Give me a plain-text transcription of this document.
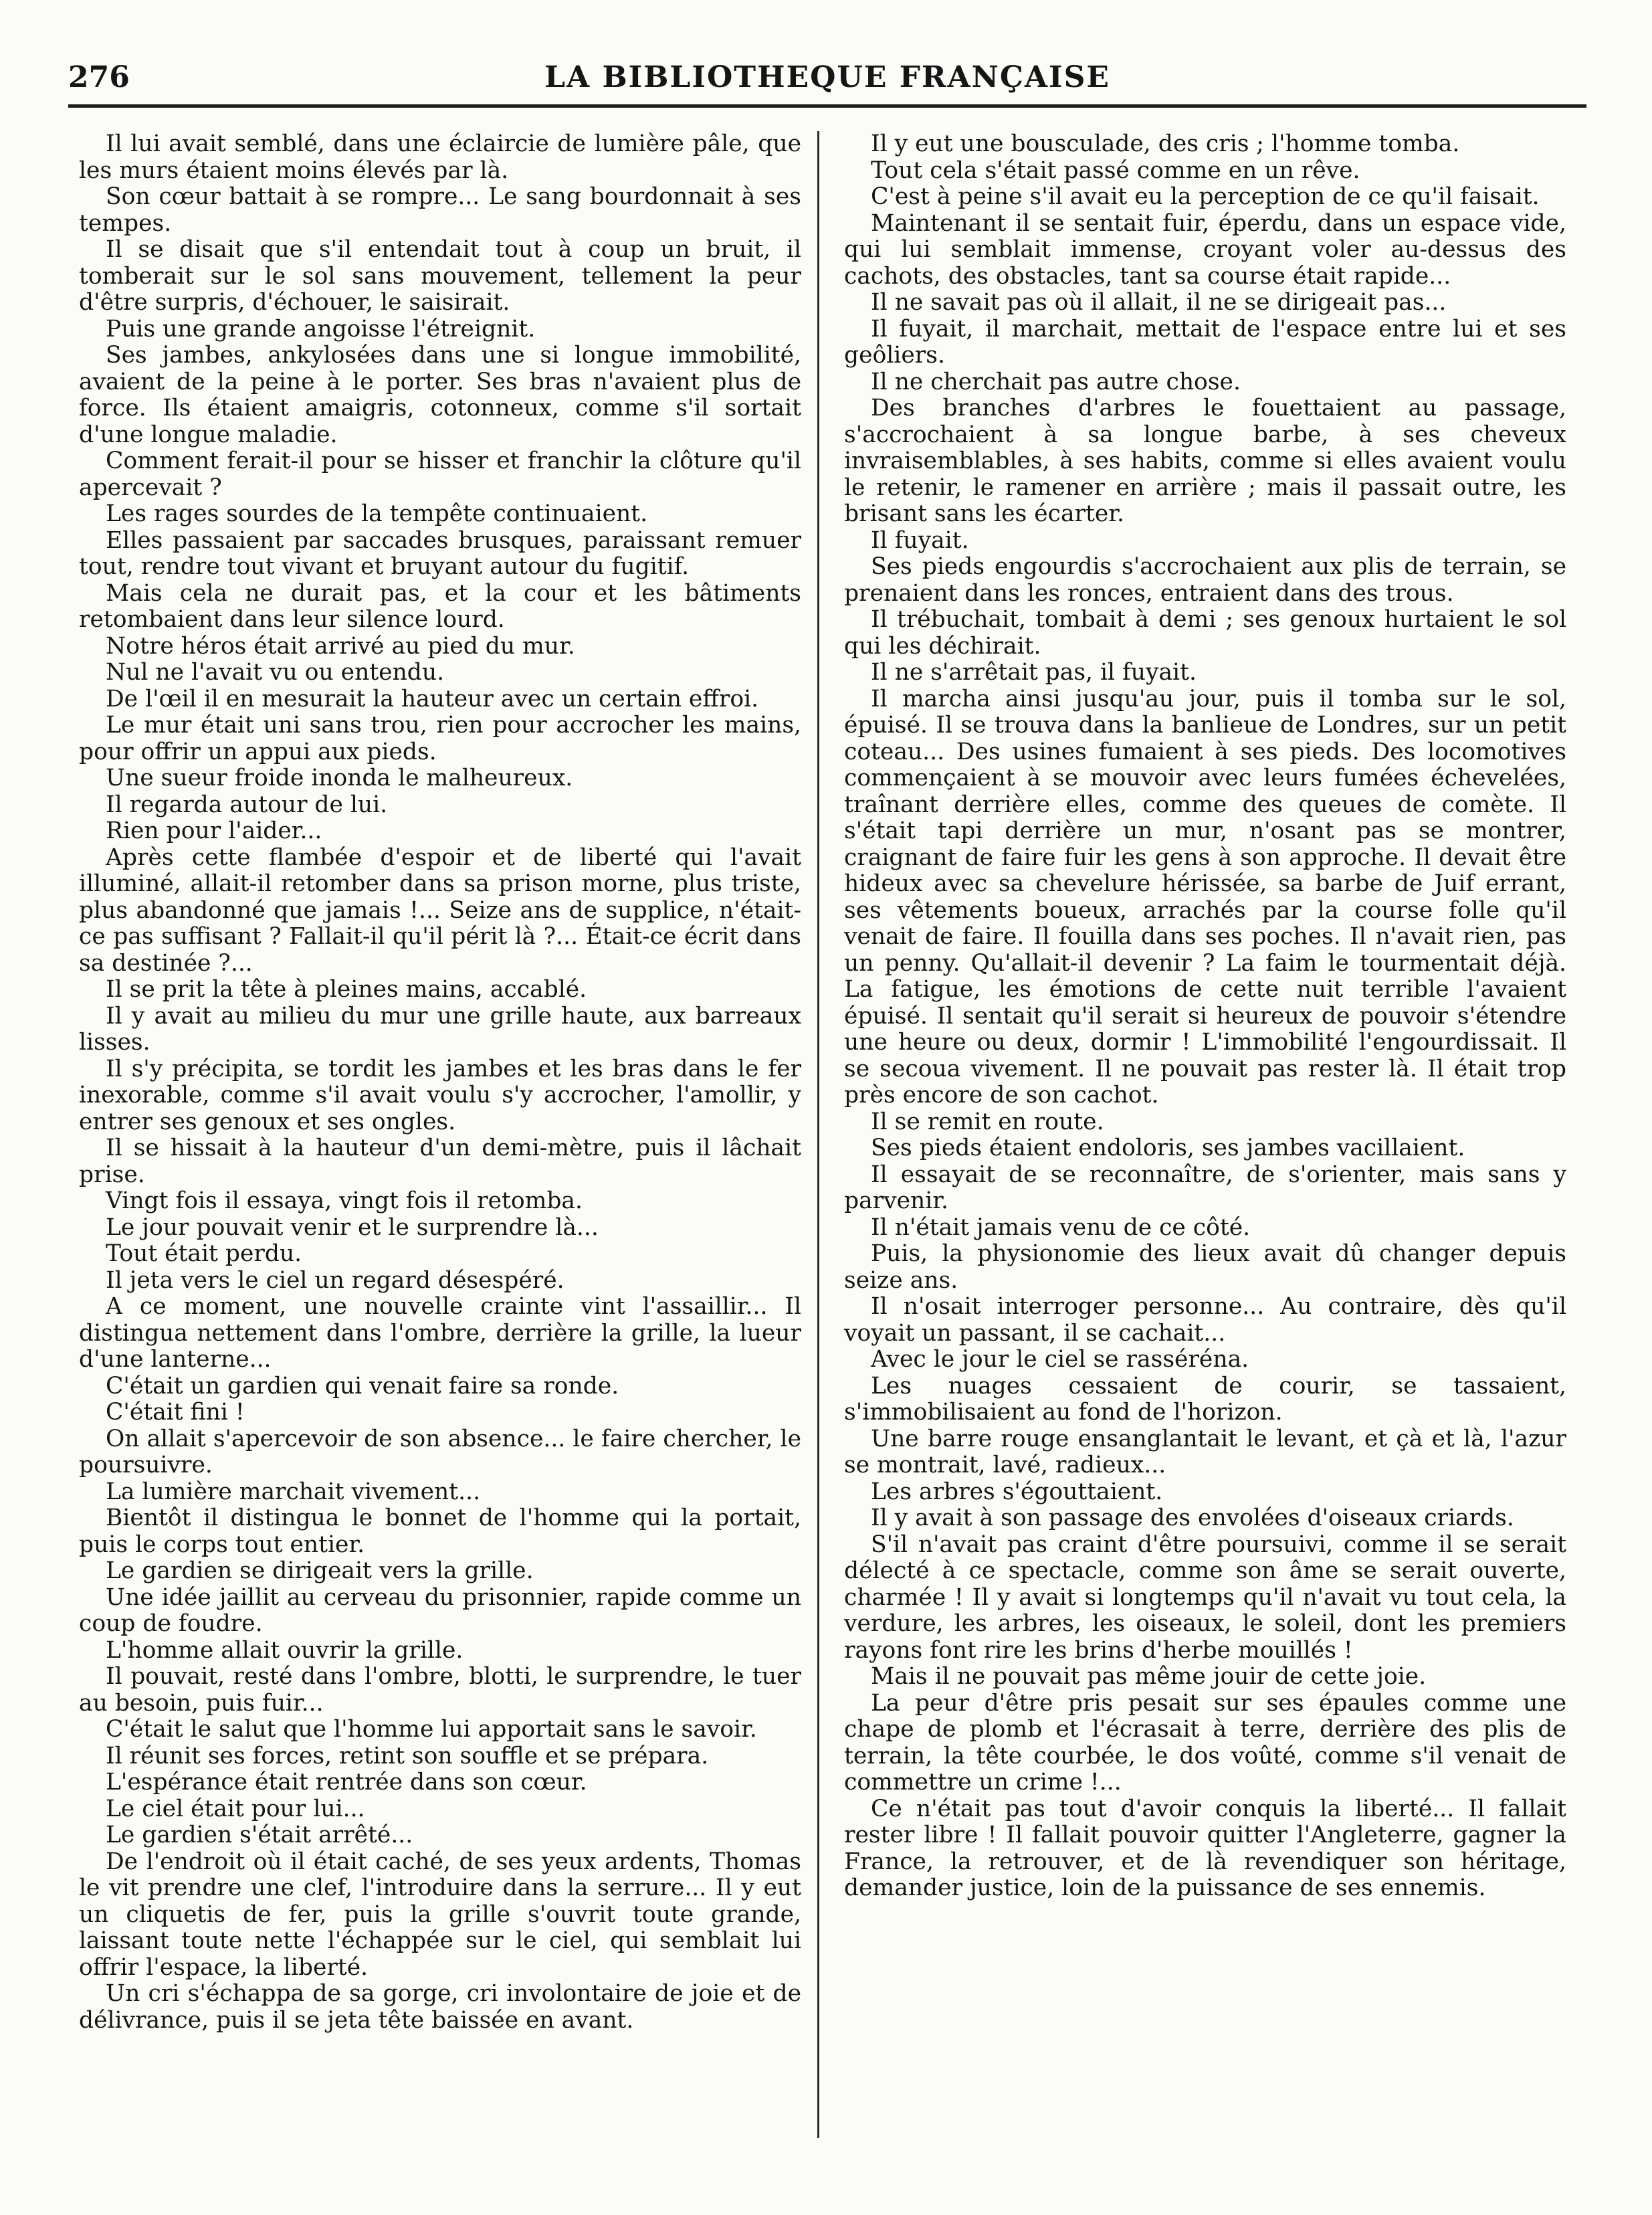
276	LA BIBLIOTHEQUE FRANÇAISE

Il lui avait semblé, dans une éclaircie de lumière pâle, que les murs étaient moins élevés par là.

Son cœur battait à se rompre... Le sang bourdonnait à ses tempes.

Il se disait que s'il entendait tout à coup un bruit, il tomberait sur le sol sans mouvement, tellement la peur d'être surpris, d'échouer, le saisirait.

Puis une grande angoisse l'étreignit.

Ses jambes, ankylosées dans une si longue immobilité, avaient de la peine à le porter. Ses bras n'avaient plus de force. Ils étaient amaigris, cotonneux, comme s'il sortait d'une longue maladie.

Comment ferait-il pour se hisser et franchir la clôture qu'il apercevait ?

Les rages sourdes de la tempête continuaient.

Elles passaient par saccades brusques, paraissant remuer tout, rendre tout vivant et bruyant autour du fugitif.

Mais cela ne durait pas, et la cour et les bâtiments retombaient dans leur silence lourd.

Notre héros était arrivé au pied du mur.

Nul ne l'avait vu ou entendu.

De l'œil il en mesurait la hauteur avec un certain effroi.

Le mur était uni sans trou, rien pour accrocher les mains, pour offrir un appui aux pieds.

Une sueur froide inonda le malheureux.

Il regarda autour de lui.

Rien pour l'aider...

Après cette flambée d'espoir et de liberté qui l'avait illuminé, allait-il retomber dans sa prison morne, plus triste, plus abandonné que jamais !... Seize ans de supplice, n'était-ce pas suffisant ? Fallait-il qu'il périt là ?... Était-ce écrit dans sa destinée ?...

Il se prit la tête à pleines mains, accablé.

Il y avait au milieu du mur une grille haute, aux barreaux lisses.

Il s'y précipita, se tordit les jambes et les bras dans le fer inexorable, comme s'il avait voulu s'y accrocher, l'amollir, y entrer ses genoux et ses ongles.

Il se hissait à la hauteur d'un demi-mètre, puis il lâchait prise.

Vingt fois il essaya, vingt fois il retomba.

Le jour pouvait venir et le surprendre là...

Tout était perdu.

Il jeta vers le ciel un regard désespéré.

A ce moment, une nouvelle crainte vint l'assaillir... Il distingua nettement dans l'ombre, derrière la grille, la lueur d'une lanterne...

C'était un gardien qui venait faire sa ronde.

C'était fini !

On allait s'apercevoir de son absence... le faire chercher, le poursuivre.

La lumière marchait vivement...

Bientôt il distingua le bonnet de l'homme qui la portait, puis le corps tout entier.

Le gardien se dirigeait vers la grille.

Une idée jaillit au cerveau du prisonnier, rapide comme un coup de foudre.

L'homme allait ouvrir la grille.

Il pouvait, resté dans l'ombre, blotti, le surprendre, le tuer au besoin, puis fuir...

C'était le salut que l'homme lui apportait sans le savoir.

Il réunit ses forces, retint son souffle et se prépara.

L'espérance était rentrée dans son cœur.

Le ciel était pour lui...

Le gardien s'était arrêté...

De l'endroit où il était caché, de ses yeux ardents, Thomas le vit prendre une clef, l'introduire dans la serrure... Il y eut un cliquetis de fer, puis la grille s'ouvrit toute grande, laissant toute nette l'échappée sur le ciel, qui semblait lui offrir l'espace, la liberté.

Un cri s'échappa de sa gorge, cri involontaire de joie et de délivrance, puis il se jeta tête baissée en avant.

Il y eut une bousculade, des cris ; l'homme tomba.

Tout cela s'était passé comme en un rêve.

C'est à peine s'il avait eu la perception de ce qu'il faisait.

Maintenant il se sentait fuir, éperdu, dans un espace vide, qui lui semblait immense, croyant voler au-dessus des cachots, des obstacles, tant sa course était rapide...

Il ne savait pas où il allait, il ne se dirigeait pas...

Il fuyait, il marchait, mettait de l'espace entre lui et ses geôliers.

Il ne cherchait pas autre chose.

Des branches d'arbres le fouettaient au passage, s'accrochaient à sa longue barbe, à ses cheveux invraisemblables, à ses habits, comme si elles avaient voulu le retenir, le ramener en arrière ; mais il passait outre, les brisant sans les écarter.

Il fuyait.

Ses pieds engourdis s'accrochaient aux plis de terrain, se prenaient dans les ronces, entraient dans des trous.

Il trébuchait, tombait à demi ; ses genoux hurtaient le sol qui les déchirait.

Il ne s'arrêtait pas, il fuyait.

Il marcha ainsi jusqu'au jour, puis il tomba sur le sol, épuisé. Il se trouva dans la banlieue de Londres, sur un petit coteau... Des usines fumaient à ses pieds. Des locomotives commençaient à se mouvoir avec leurs fumées échevelées, traînant derrière elles, comme des queues de comète. Il s'était tapi derrière un mur, n'osant pas se montrer, craignant de faire fuir les gens à son approche. Il devait être hideux avec sa chevelure hérissée, sa barbe de Juif errant, ses vêtements boueux, arrachés par la course folle qu'il venait de faire. Il fouilla dans ses poches. Il n'avait rien, pas un penny. Qu'allait-il devenir ? La faim le tourmentait déjà. La fatigue, les émotions de cette nuit terrible l'avaient épuisé. Il sentait qu'il serait si heureux de pouvoir s'étendre une heure ou deux, dormir ! L'immobilité l'engourdissait. Il se secoua vivement. Il ne pouvait pas rester là. Il était trop près encore de son cachot.

Il se remit en route.

Ses pieds étaient endoloris, ses jambes vacillaient.

Il essayait de se reconnaître, de s'orienter, mais sans y parvenir.

Il n'était jamais venu de ce côté.

Puis, la physionomie des lieux avait dû changer depuis seize ans.

Il n'osait interroger personne... Au contraire, dès qu'il voyait un passant, il se cachait...

Avec le jour le ciel se rasséréna.

Les nuages cessaient de courir, se tassaient, s'immobilisaient au fond de l'horizon.

Une barre rouge ensanglantait le levant, et çà et là, l'azur se montrait, lavé, radieux...

Les arbres s'égouttaient.

Il y avait à son passage des envolées d'oiseaux criards.

S'il n'avait pas craint d'être poursuivi, comme il se serait délecté à ce spectacle, comme son âme se serait ouverte, charmée ! Il y avait si longtemps qu'il n'avait vu tout cela, la verdure, les arbres, les oiseaux, le soleil, dont les premiers rayons font rire les brins d'herbe mouillés !

Mais il ne pouvait pas même jouir de cette joie.

La peur d'être pris pesait sur ses épaules comme une chape de plomb et l'écrasait à terre, derrière des plis de terrain, la tête courbée, le dos voûté, comme s'il venait de commettre un crime !...

Ce n'était pas tout d'avoir conquis la liberté... Il fallait rester libre ! Il fallait pouvoir quitter l'Angleterre, gagner la France, la retrouver, et de là revendiquer son héritage, demander justice, loin de la puissance de ses ennemis.
